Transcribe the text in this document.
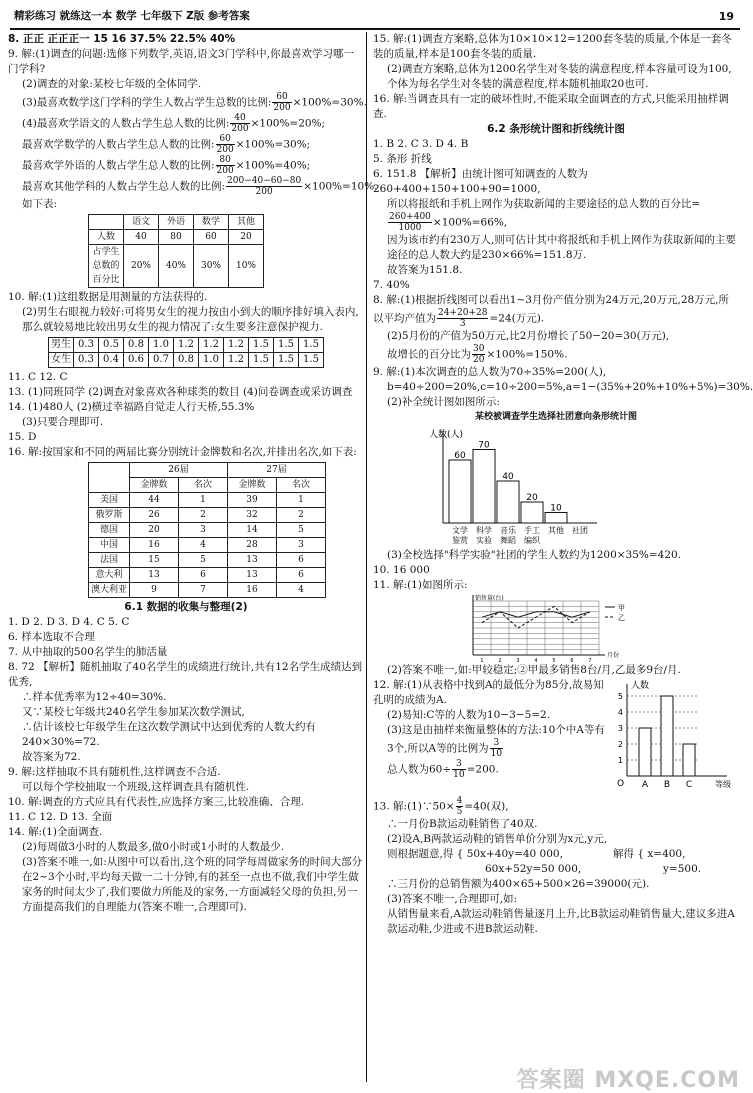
精彩练习 就练这一本 数学 七年级下 Z版 参考答案	19
8. 正正 正正正一 15 16 37.5% 22.5% 40%
9. 解:(1)调查的问题:选修下列数学,英语,语文3门学科中,你最喜欢学习哪一门学科?
(2)调查的对象:某校七年级的全体同学.
(3)最喜欢数学这门学科的学生人数占学生总数的比例: $\frac{60}{200} \times 100\%=30\%$.
(4)最喜欢学语文的人数占学生总人数的比例: $\frac{40}{200} \times 100\%=20\%$;
最喜欢学数学的人数占学生总人数的比例: $\frac{60}{200} \times 100\%=30\%$;
最喜欢学外语的人数占学生总人数的比例: $\frac{80}{200} \times 100\%=40\%$;
最喜欢其他学科的人数占学生总人数的比例: $\frac{200-40-60-80}{200} \times 100\%=10\%$.
如下表:
	语文	外语	数学	其他
人数	40	80	60	20
占学生总数的百分比	20%	40%	30%	10%
10. 解:(1)这组数据是用测量的方法获得的.
(2)男生右眼视力较好:可将男女生的视力按由小到大的顺序排好填入表内,那么就较易地比较出男女生的视力情况了:女生要多注意保护视力.
男生	0.3	0.5	0.8	1.0	1.2	1.2	1.2	1.5	1.5	1.5
女生	0.3	0.4	0.6	0.7	0.8	1.0	1.2	1.5	1.5	1.5
11. C 12. C
13. (1)同班同学 (2)调查对象喜欢各种球类的数目 (4)问卷调查或采访调查
14. (1)480人 (2)横过幸福路自觉走人行天桥,55.3%
(3)只要合理即可.
15. D
16. 解:按国家和不同的两届比赛分别统计金牌数和名次,并排出名次,如下表:
	26届		27届	
	金牌数	名次	金牌数	名次
美国	44	1	39	1
俄罗斯	26	2	32	2
德国	20	3	14	5
中国	16	4	28	3
法国	15	5	13	6
意大利	13	6	13	6
澳大利亚	9	7	16	4
6.1 数据的收集与整理(2)
1. D 2. D 3. D 4. C 5. C
6. 样本选取不合理
7. 从中抽取的500名学生的肺活量
8. 72 【解析】随机抽取了40名学生的成绩进行统计,共有12名学生成绩达到优秀,
∴样本优秀率为12÷40=30%.
又∵某校七年级共240名学生参加某次数学测试,
∴估计该校七年级学生在这次数学测试中达到优秀的人数大约有240×30%=72.
故答案为72.
9. 解:这样抽取不具有随机性,这样调查不合适.
可以每个学校抽取一个班级,这样调查具有随机性.
10. 解:调查的方式应具有代表性,应选择方案三,比较准确、合理.
11. C 12. D 13. 全面
14. 解:(1)全面调查.
(2)每周做3小时的人数最多,做0小时或1小时的人数最少.
(3)答案不唯一,如:从图中可以看出,这个班的同学每周做家务的时间大部分在2~3个小时,平均每天做一二十分钟,有的甚至一点也不做,我们中学生做家务的时间太少了,我们要做力所能及的家务,一方面减轻父母的负担,另一方面提高我们的自理能力(答案不唯一,合理即可).
15. 解:(1)调查方案略,总体为10×10×12=1200套冬装的质量,个体是一套冬装的质量,样本是100套冬装的质量.
(2)调查方案略,总体为1200名学生对冬装的满意程度,样本容量可设为100,个体为每名学生对冬装的满意程度,样本随机抽取20也可.
16. 解:当调查具有一定的破坏性时,不能采取全面调查的方式,只能采用抽样调查.
6.2 条形统计图和折线统计图
1. B 2. C 3. D 4. B
5. 条形 折线
6. 151.8 【解析】由统计图可知调查的人数为260+400+150+100+90=1000,
所以将报纸和手机上网作为获取新闻的主要途径的总人数的百分比=
$\frac{260+400}{1000} \times 100\%=66\%$,
因为该市约有230万人,则可估计其中将报纸和手机上网作为获取新闻的主要途径的总人数大约是230×66%=151.8万.
故答案为151.8.
7. 40%
8. 解:(1)根据折线图可以看出1~3月份产值分别为24万元,20万元,28万元,所以平均产值为 $\frac{24+20+28}{3} =24$(万元).
(2)5月份的产值为50万元,比2月份增长了50−20=30(万元),
故增长的百分比为 $\frac{30}{20} \times 100\%=150\%$.
9. 解:(1)本次调查的总人数为70÷35%=200(人),
b=40÷200=20%,c=10÷200=5%,a=1−(35%+20%+10%+5%)=30%.
(2)补全统计图如图所示:
某校被调查学生选择社团意向条形统计图
人数(人)
60
70
40
20
10
文学
鉴赏
科学
实验
音乐
舞蹈
手工
编织
其他 社团
(3)全校选择"科学实验"社团的学生人数约为1200×35%=420.
10. 16 000
11. 解:(1)如图所示:
销售量(台)
月份
1	2	3	4	5	6	7
甲
乙
(2)答案不唯一,如:甲较稳定;②甲最多销售8台/月,乙最多9台/月.
12. 解:(1)从表格中找到A的最低分为85分,故易知孔明的成绩为A.
(2)易知:C等的人数为10−3−5=2.
(3)这是由抽样来衡量整体的方法:10个中A等有3个,所以A等的比例为 $\frac{3}{10}$
总人数为$60\div \frac{3}{10} =200$.
人数
等级
O
1
2
3
4
5
A B C
13. 解:(1)∵50× $\frac{4}{5} =40$(双),
∴一月份B款运动鞋销售了40双.
(2)设A,B两款运动鞋的销售单价分别为x元,y元,
则根据题意,得 { 50x+40y=40 000,
60x+52y=50 000,
解得 { x=400,
y=500.
∴三月份的总销售额为400×65+500×26=39000(元).
(3)答案不唯一,合理即可,如:
从销售量来看,A款运动鞋销售量逐月上升,比B款运动鞋销售量大,建议多进A款运动鞋,少进或不进B款运动鞋.
答案圈 MXQE.COM
